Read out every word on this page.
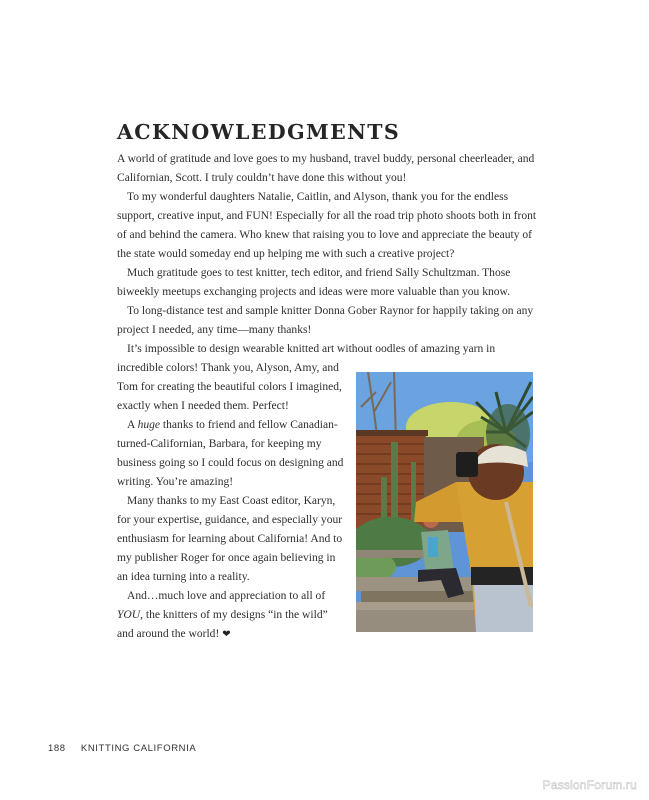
ACKNOWLEDGMENTS

A world of gratitude and love goes to my husband, travel buddy, personal cheerleader, and Californian, Scott. I truly couldn’t have done this without you!

To my wonderful daughters Natalie, Caitlin, and Alyson, thank you for the endless support, creative input, and FUN! Especially for all the road trip photo shoots both in front of and behind the camera. Who knew that raising you to love and appreciate the beauty of the state would someday end up helping me with such a creative project?

Much gratitude goes to test knitter, tech editor, and friend Sally Schultzman. Those biweekly meetups exchanging projects and ideas were more valuable than you know.

To long-distance test and sample knitter Donna Gober Raynor for happily taking on any project I needed, any time—many thanks!

It’s impossible to design wearable knitted art without oodles of amazing yarn in

incredible colors! Thank you, Alyson, Amy, and Tom for creating the beautiful colors I imagined, exactly when I needed them. Perfect!

A huge thanks to friend and fellow Canadian-turned-Californian, Barbara, for keeping my business going so I could focus on designing and writing. You’re amazing!

Many thanks to my East Coast editor, Karyn, for your expertise, guidance, and especially your enthusiasm for learning about California! And to my publisher Roger for once again believing in an idea turning into a reality.

And…much love and appreciation to all of YOU, the knitters of my designs “in the wild” and around the world! ❤

188 KNITTING CALIFORNIA
PassionForum.ru
